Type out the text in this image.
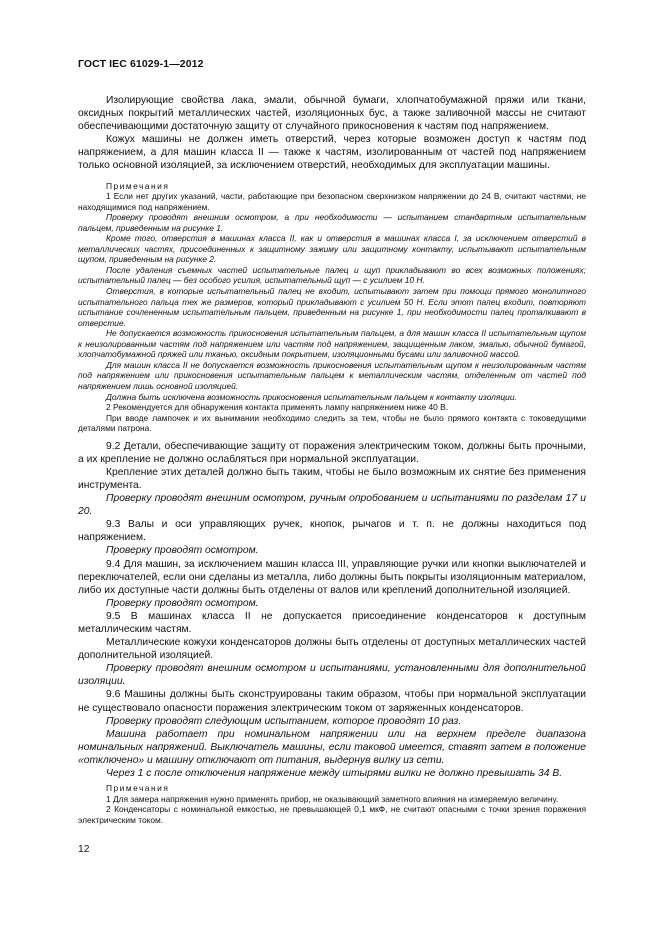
ГОСТ IEC 61029-1—2012

Изолирующие свойства лака, эмали, обычной бумаги, хлопчатобумажной пряжи или ткани, оксидных покрытий металлических частей, изоляционных бус, а также заливочной массы не считают обеспечивающими достаточную защиту от случайного прикосновения к частям под напряжением.

Кожух машины не должен иметь отверстий, через которые возможен доступ к частям под напряжением, а для машин класса II — также к частям, изолированным от частей под напряжением только основной изоляцией, за исключением отверстий, необходимых для эксплуатации машины.

Примечания

1 Если нет других указаний, части, работающие при безопасном сверхнизком напряжении до 24 В, считают частями, не находящимися под напряжением.

Проверку проводят внешним осмотром, а при необходимости — испытанием стандартным испытательным пальцем, приведенным на рисунке 1.

Кроме того, отверстия в машинах класса II, как и отверстия в машинах класса I, за исключением отверстий в металлических частях, присоединенных к защитному зажиму или защитному контакту, испытывают испытательным щупом, приведенным на рисунке 2.

После удаления съемных частей испытательные палец и щуп прикладывают во всех возможных положениях; испытательный палец — без особого усилия, испытательный щуп — с усилием 10 Н.

Отверстия, в которые испытательный палец не входит, испытывают затем при помощи прямого монолитного испытательного пальца тех же размеров, который прикладывают с усилием 50 Н. Если этот палец входит, повторяют испытание сочлененным испытательным пальцем, приведенным на рисунке 1, при необходимости палец проталкивают в отверстие.

Не допускается возможность прикосновения испытательным пальцем, а для машин класса II испытательным щупом к неизолированным частям под напряжением или частям под напряжением, защищенным лаком, эмалью, обычной бумагой, хлопчатобумажной пряжей или тканью, оксидным покрытием, изоляционными бусами или заливочной массой.

Для машин класса II не допускается возможность прикосновения испытательным щупом к неизолированным частям под напряжением или прикосновения испытательным пальцем к металлическим частям, отделенным от частей под напряжением лишь основной изоляцией.

Должна быть исключена возможность прикосновения испытательным пальцем к контакту изоляции.

2 Рекомендуется для обнаружения контакта применять лампу напряжением ниже 40 В.

При вводе лампочек и их вынимании необходимо следить за тем, чтобы не было прямого контакта с токоведущими деталями патрона.

9.2 Детали, обеспечивающие защиту от поражения электрическим током, должны быть прочными, а их крепление не должно ослабляться при нормальной эксплуатации.

Крепление этих деталей должно быть таким, чтобы не было возможным их снятие без применения инструмента.

Проверку проводят внешним осмотром, ручным опробованием и испытаниями по разделам 17 и 20.

9.3 Валы и оси управляющих ручек, кнопок, рычагов и т. п. не должны находиться под напряжением.

Проверку проводят осмотром.

9.4 Для машин, за исключением машин класса III, управляющие ручки или кнопки выключателей и переключателей, если они сделаны из металла, либо должны быть покрыты изоляционным материалом, либо их доступные части должны быть отделены от валов или креплений дополнительной изоляцией.

Проверку проводят осмотром.

9.5 В машинах класса II не допускается присоединение конденсаторов к доступным металлическим частям.

Металлические кожухи конденсаторов должны быть отделены от доступных металлических частей дополнительной изоляцией.

Проверку проводят внешним осмотром и испытаниями, установленными для дополнительной изоляции.

9.6 Машины должны быть сконструированы таким образом, чтобы при нормальной эксплуатации не существовало опасности поражения электрическим током от заряженных конденсаторов.

Проверку проводят следующим испытанием, которое проводят 10 раз.

Машина работает при номинальном напряжении или на верхнем пределе диапазона номинальных напряжений. Выключатель машины, если таковой имеется, ставят затем в положение «отключено» и машину отключают от питания, выдернув вилку из сети.

Через 1 с после отключения напряжение между штырями вилки не должно превышать 34 В.

Примечания

1 Для замера напряжения нужно применять прибор, не оказывающий заметного влияния на измеряемую величину.

2 Конденсаторы с номинальной емкостью, не превышающей 0,1 мкФ, не считают опасными с точки зрения поражения электрическим током.

12
